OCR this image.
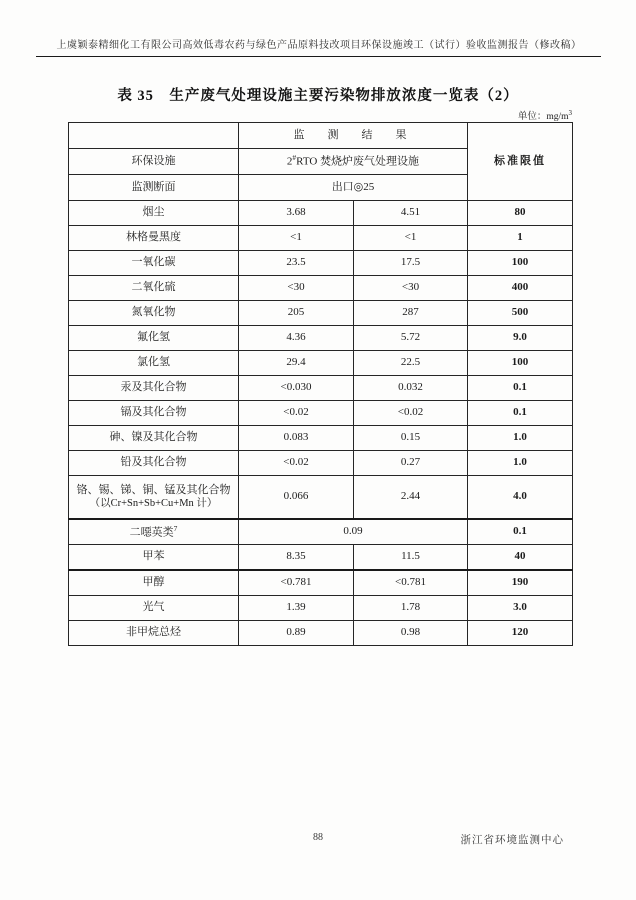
上虞颖泰精细化工有限公司高效低毒农药与绿色产品原料技改项目环保设施竣工（试行）验收监测报告（修改稿）
表 35　生产废气处理设施主要污染物排放浓度一览表（2）
单位：$mg/m^3$
	监　测　结　果		标准限值
环保设施	2#RTO 焚烧炉废气处理设施		
监测断面	出口◎25		
烟尘	3.68	4.51	80
林格曼黑度	<1	<1	1
一氧化碳	23.5	17.5	100
二氧化硫	<30	<30	400
氮氧化物	205	287	500
氟化氢	4.36	5.72	9.0
氯化氢	29.4	22.5	100
汞及其化合物	<0.030	0.032	0.1
镉及其化合物	<0.02	<0.02	0.1
砷、镍及其化合物	0.083	0.15	1.0
铅及其化合物	<0.02	0.27	1.0
铬、锡、锑、铜、锰及其化合物
（以Cr+Sn+Sb+Cu+Mn 计）	0.066	2.44	4.0
二噁英类$^7$	0.09		0.1
甲苯	8.35	11.5	40
甲醇	<0.781	<0.781	190
光气	1.39	1.78	3.0
非甲烷总烃	0.89	0.98	120
88	浙江省环境监测中心
